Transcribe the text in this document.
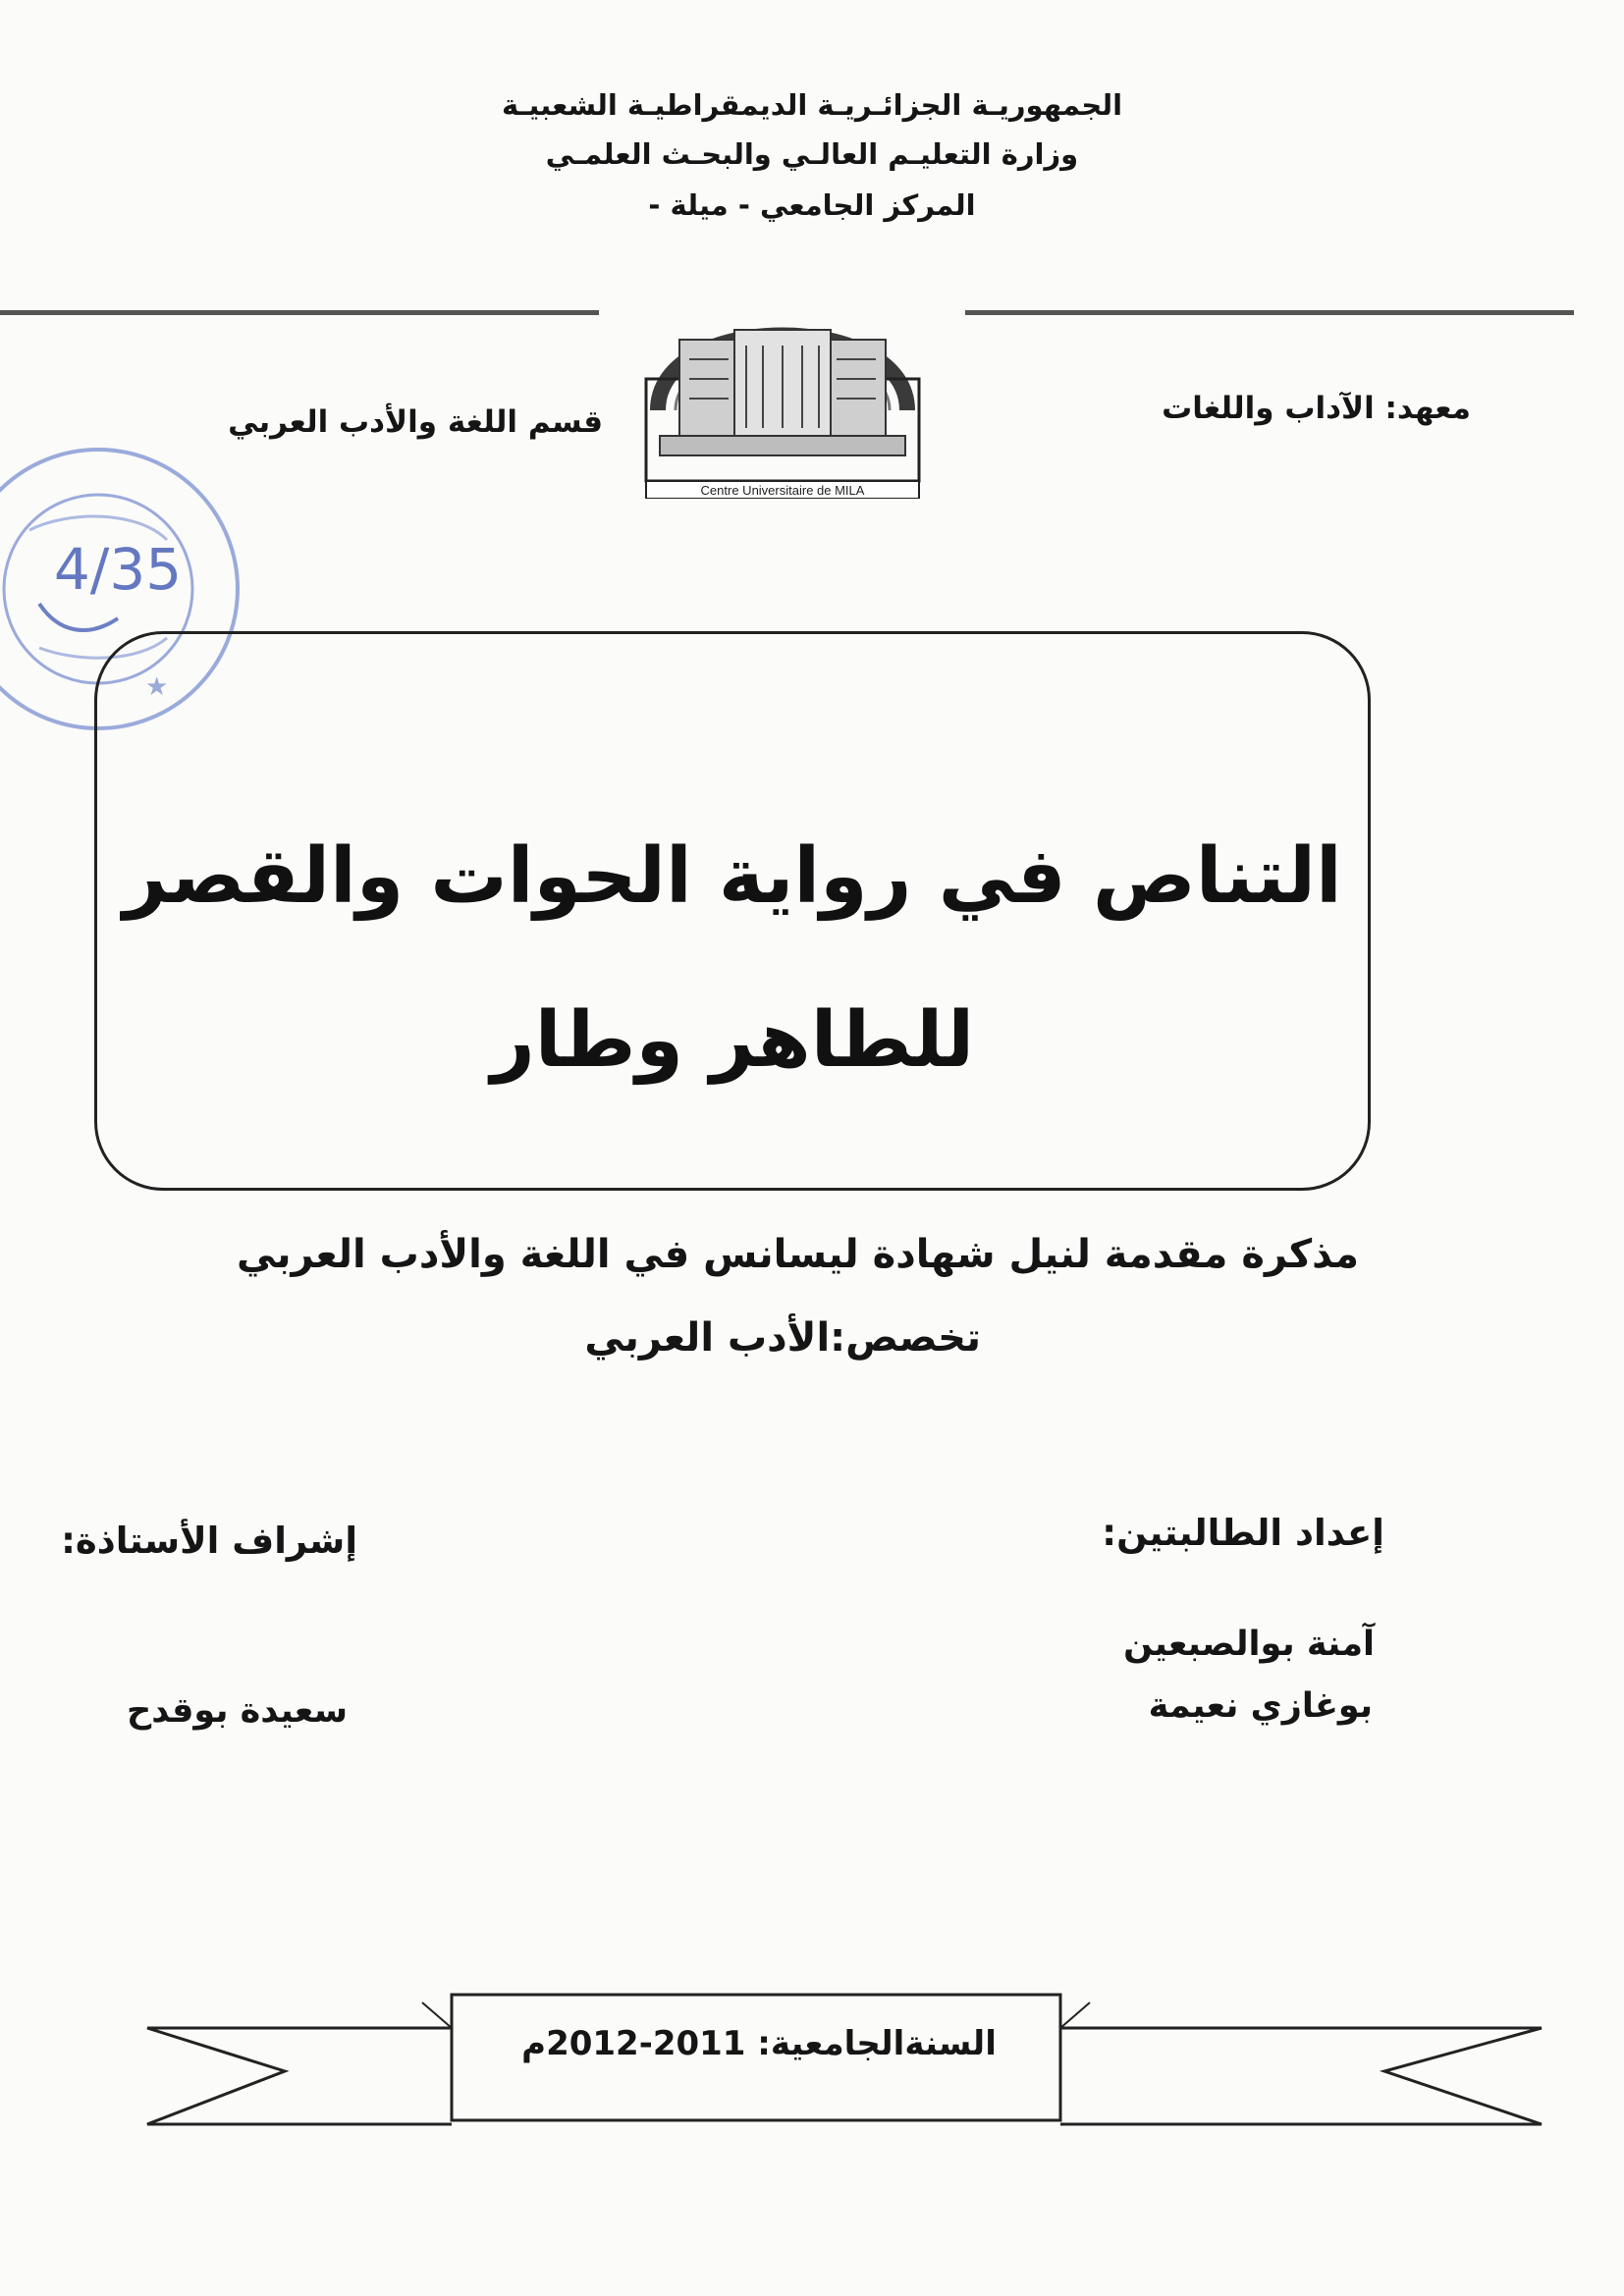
الجمهوريـة الجزائـريـة الديمقراطيـة الشعبيـة
وزارة التعليـم العالـي والبحـث العلمـي
المركز الجامعي - ميلة -
Centre Universitaire de MILA
معهد: الآداب واللغات
قسم اللغة والأدب العربي
4/35
★
التناص في رواية الحوات والقصر
للطاهر وطار
مذكرة مقدمة لنيل شهادة ليسانس في اللغة والأدب العربي
تخصص:الأدب العربي
إعداد الطالبتين:
آمنة بوالصبعين
بوغازي نعيمة
إشراف الأستاذة:
سعيدة بوقدح
السنةالجامعية: 2011-2012م
